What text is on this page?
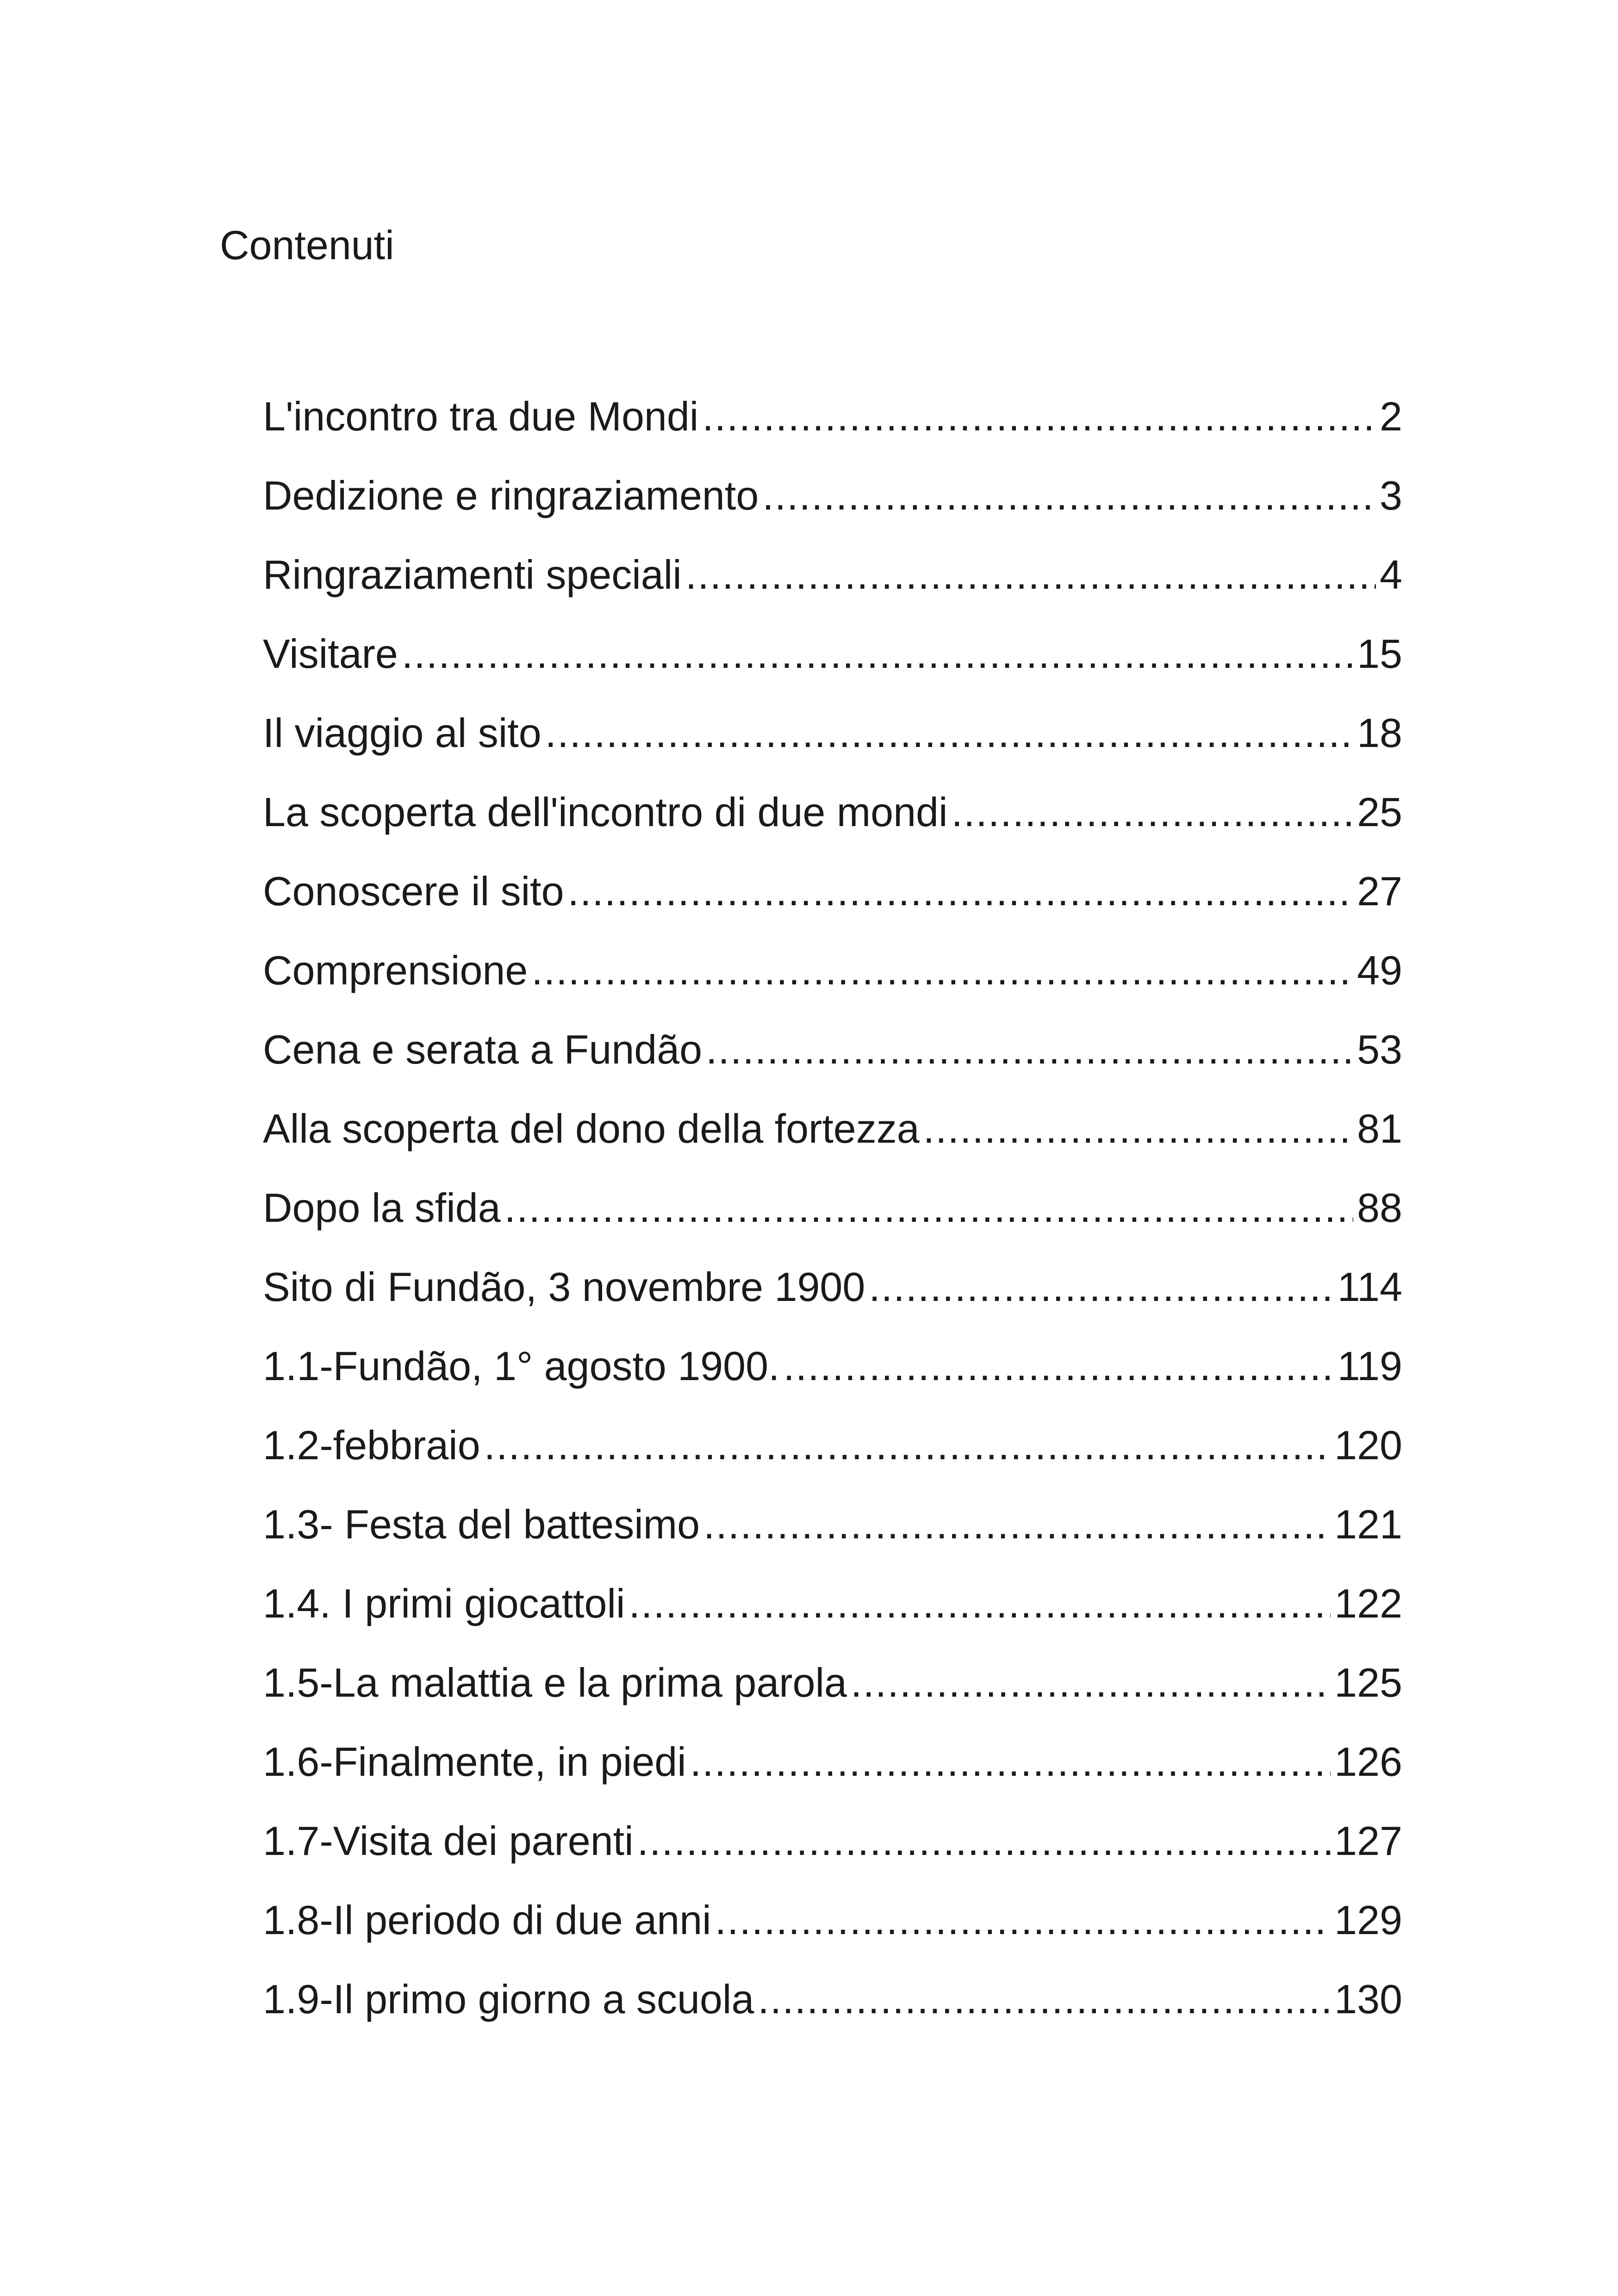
Contenuti
L'incontro tra due Mondi .....	2
Dedizione e ringraziamento .....	3
Ringraziamenti speciali .....	4
Visitare .....	15
Il viaggio al sito .....	18
La scoperta dell'incontro di due mondi .....	25
Conoscere il sito .....	27
Comprensione .....	49
Cena e serata a Fundão .....	53
Alla scoperta del dono della fortezza .....	81
Dopo la sfida .....	88
Sito di Fundão, 3 novembre 1900 .....	114
1.1-Fundão, 1° agosto 1900. .....	119
1.2-febbraio .....	120
1.3- Festa del battesimo .....	121
1.4. I primi giocattoli .....	122
1.5-La malattia e la prima parola .....	125
1.6-Finalmente, in piedi .....	126
1.7-Visita dei parenti .....	127
1.8-Il periodo di due anni .....	129
1.9-Il primo giorno a scuola .....	130
